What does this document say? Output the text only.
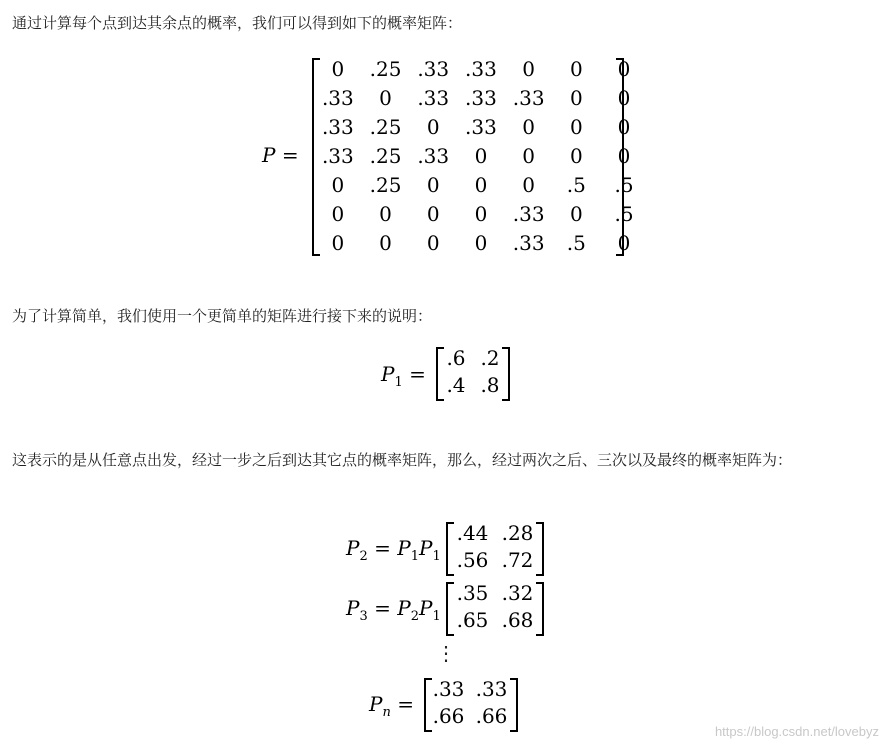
通过计算每个点到达其余点的概率，我们可以得到如下的概率矩阵：

P =
0	.25 .33 .33	0	0	0
.33	0	.33 .33 .33	0	0
.33 .25	0	.33	0	0	0
.33 .25 .33	0	0	0	0
0	.25	0	0	0	.5	.5
0	0	0	0	.33	0	.5
0	0	0	0	.33	.5	0

为了计算简单，我们使用一个更简单的矩阵进行接下来的说明：

$P_1$ =
.6 .2
.4 .8

这表示的是从任意点出发，经过一步之后到达其它点的概率矩阵，那么，经过两次之后、三次以及最终的概率矩阵为：

$P_2 = P_1P_1$
.44 .28
.56 .72
$P_3 = P_2P_1$
.35 .32
.65 .68
⋮
$P_n$ =
.33 .33
.66 .66
https://blog.csdn.net/lovebyz
